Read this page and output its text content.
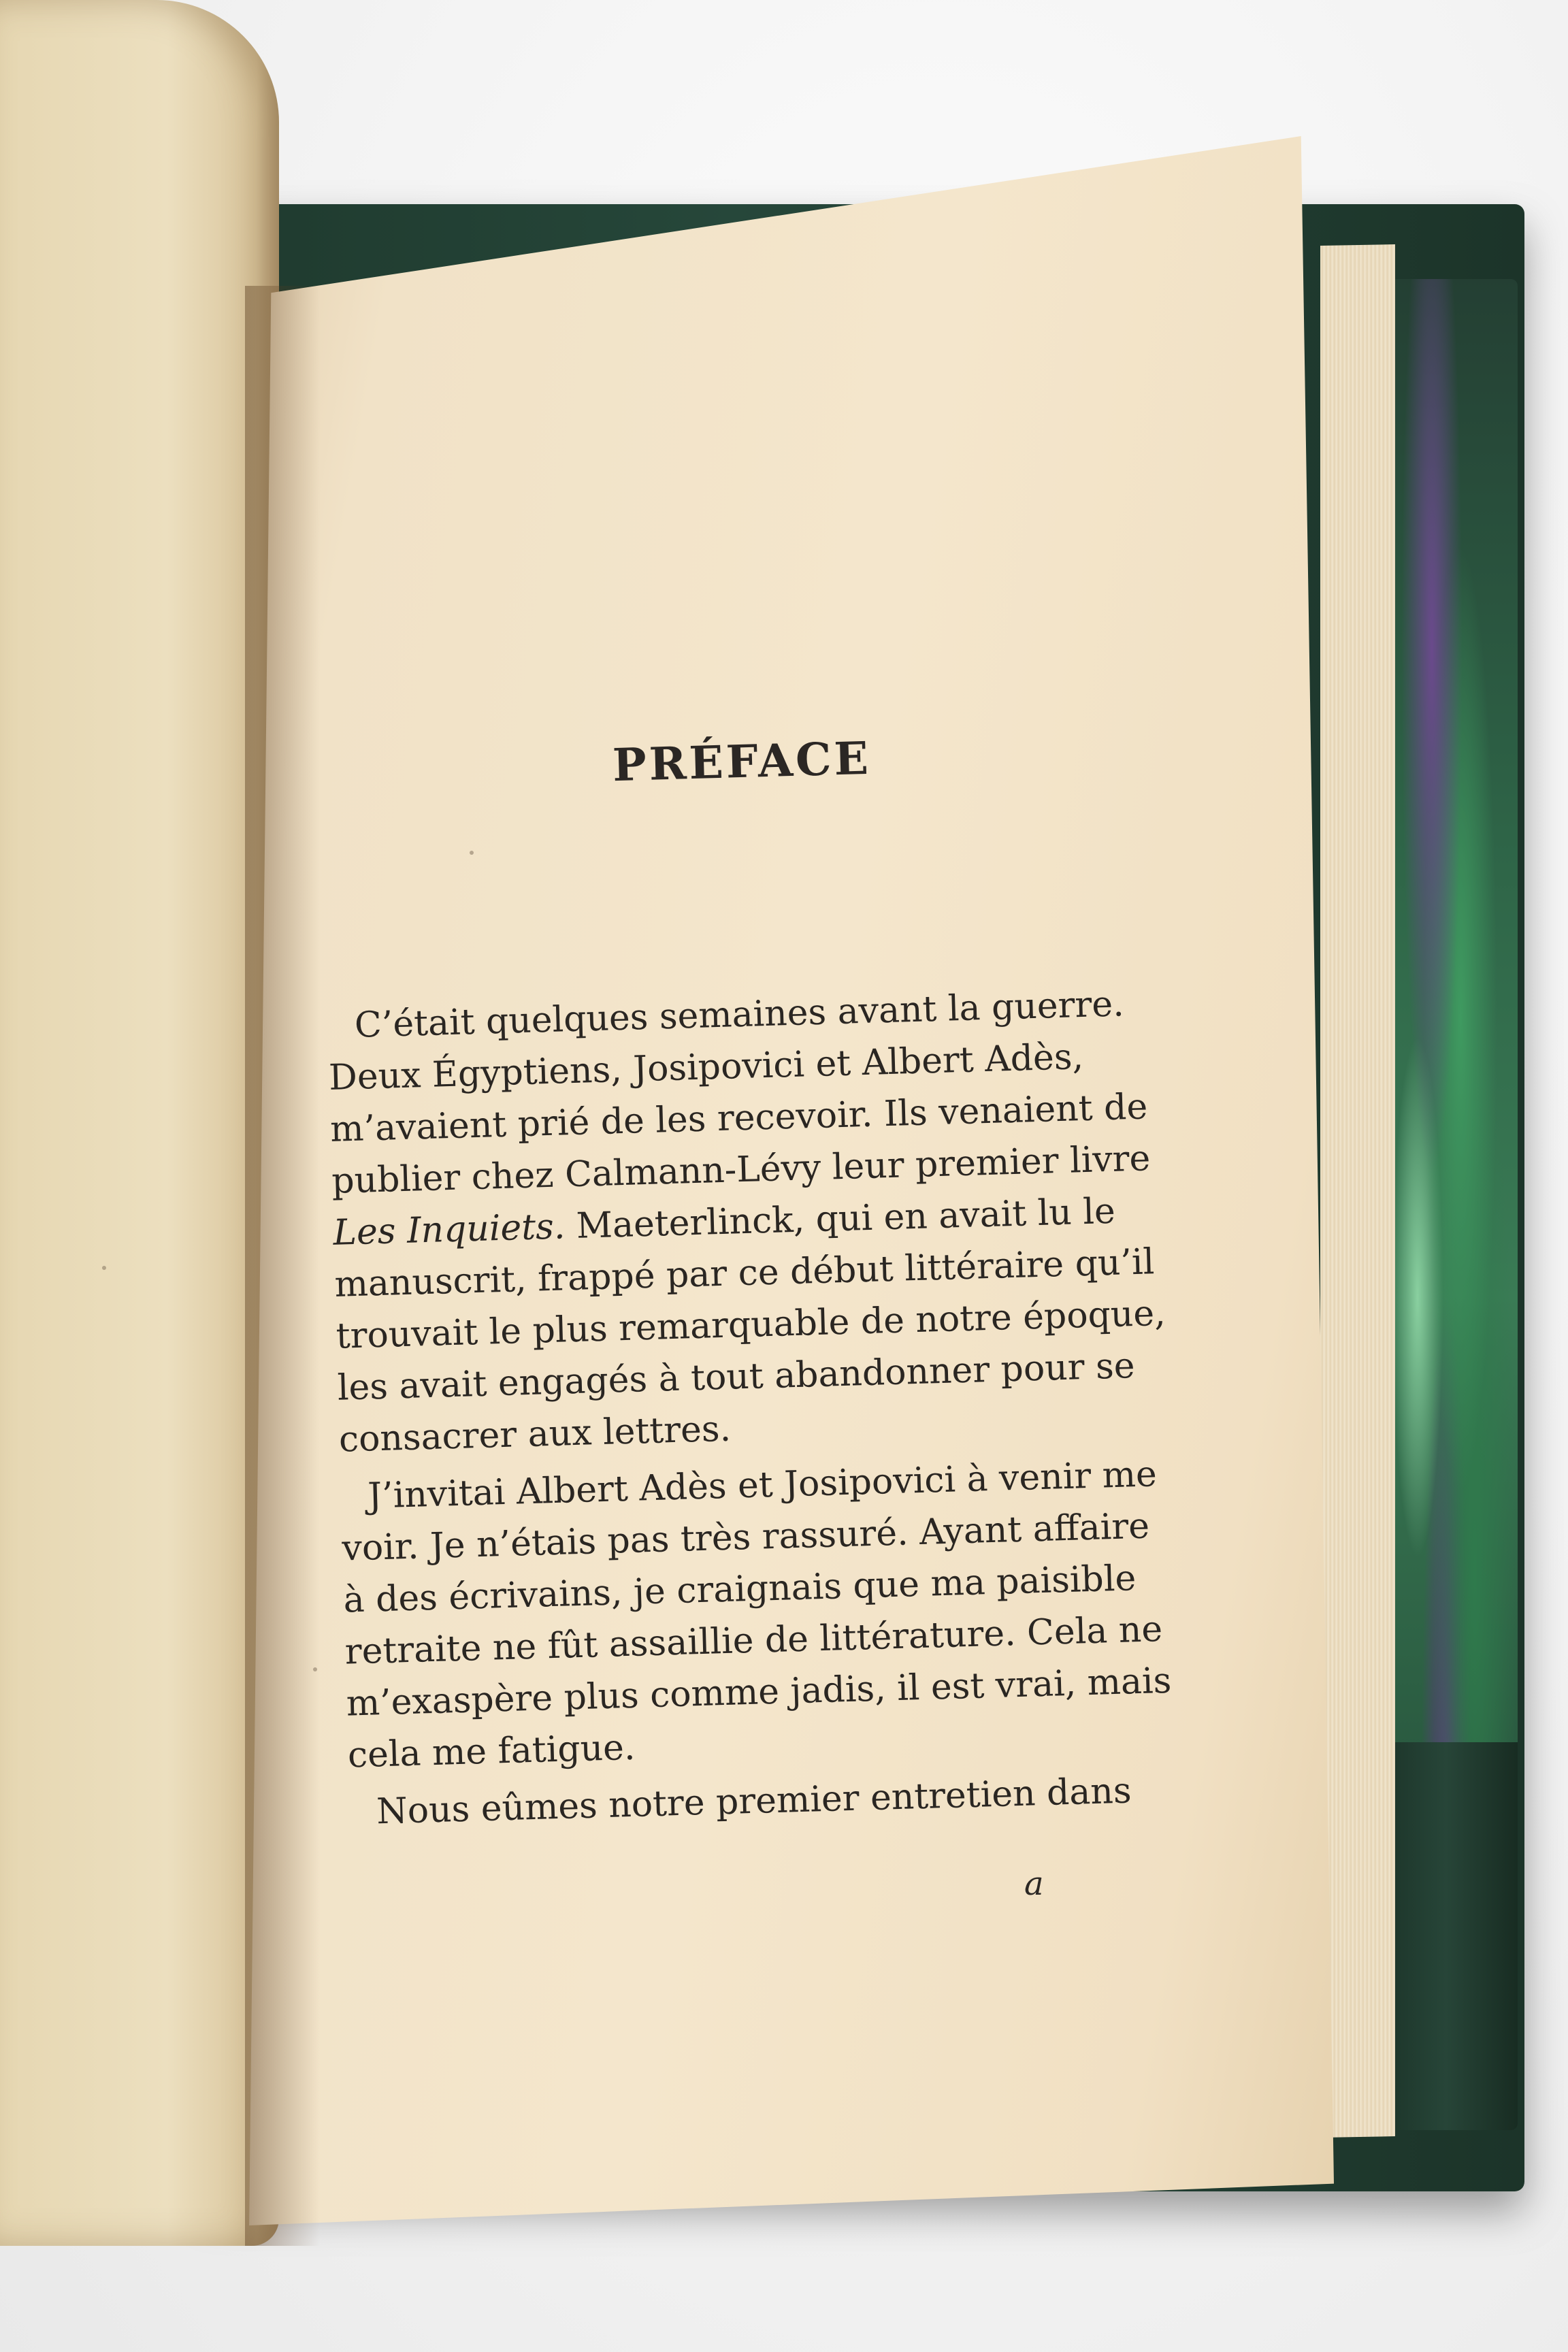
PRÉFACE
C’était quelques semaines avant la guerre.
Deux Égyptiens, Josipovici et Albert Adès,
m’avaient prié de les recevoir. Ils venaient de
publier chez Calmann-Lévy leur premier livre
Les Inquiets. Maeterlinck, qui en avait lu le
manuscrit, frappé par ce début littéraire qu’il
trouvait le plus remarquable de notre époque,
les avait engagés à tout abandonner pour se
consacrer aux lettres.
J’invitai Albert Adès et Josipovici à venir me
voir. Je n’étais pas très rassuré. Ayant affaire
à des écrivains, je craignais que ma paisible
retraite ne fût assaillie de littérature. Cela ne
m’exaspère plus comme jadis, il est vrai, mais
cela me fatigue.
Nous eûmes notre premier entretien dans
a
